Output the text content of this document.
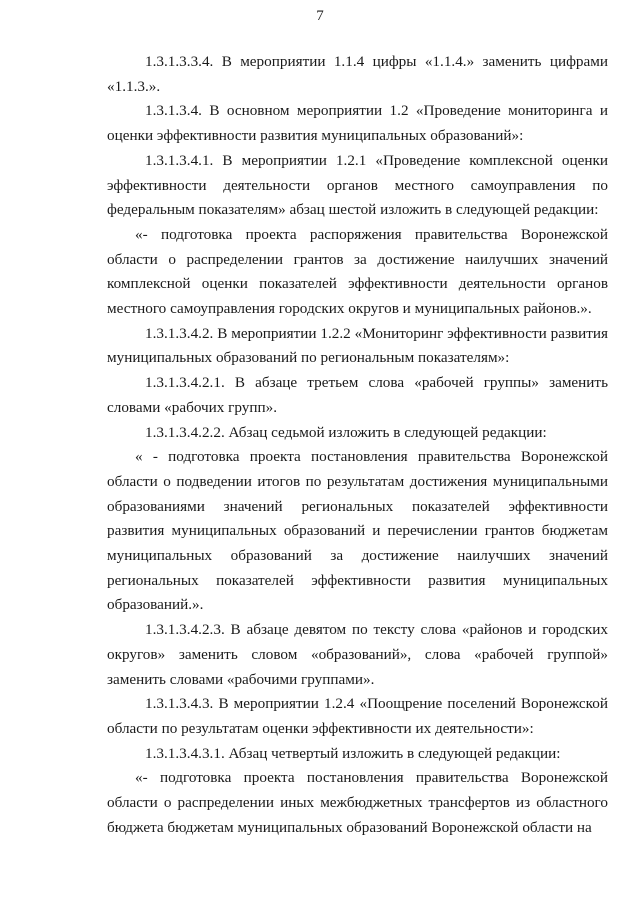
7

1.3.1.3.3.4. В мероприятии 1.1.4 цифры «1.1.4.» заменить цифрами «1.1.3.».

1.3.1.3.4. В основном мероприятии 1.2 «Проведение мониторинга и оценки эффективности развития муниципальных образований»:

1.3.1.3.4.1. В мероприятии 1.2.1 «Проведение комплексной оценки эффективности деятельности органов местного самоуправления по федеральным показателям» абзац шестой изложить в следующей редакции:

«- подготовка проекта распоряжения правительства Воронежской области о распределении грантов за достижение наилучших значений комплексной оценки показателей эффективности деятельности органов местного самоуправления городских округов и муниципальных районов.».

1.3.1.3.4.2. В мероприятии 1.2.2 «Мониторинг эффективности развития муниципальных образований по региональным показателям»:

1.3.1.3.4.2.1. В абзаце третьем слова «рабочей группы» заменить словами «рабочих групп».

1.3.1.3.4.2.2. Абзац седьмой изложить в следующей редакции:

« - подготовка проекта постановления правительства Воронежской области о подведении итогов по результатам достижения муниципальными образованиями значений региональных показателей эффективности развития муниципальных образований и перечислении грантов бюджетам муниципальных образований за достижение наилучших значений региональных показателей эффективности развития муниципальных образований.».

1.3.1.3.4.2.3. В абзаце девятом по тексту слова «районов и городских округов» заменить словом «образований», слова «рабочей группой» заменить словами «рабочими группами».

1.3.1.3.4.3. В мероприятии 1.2.4 «Поощрение поселений Воронежской области по результатам оценки эффективности их деятельности»:

1.3.1.3.4.3.1. Абзац четвертый изложить в следующей редакции:

«- подготовка проекта постановления правительства Воронежской области о распределении иных межбюджетных трансфертов из областного бюджета бюджетам муниципальных образований Воронежской области на
